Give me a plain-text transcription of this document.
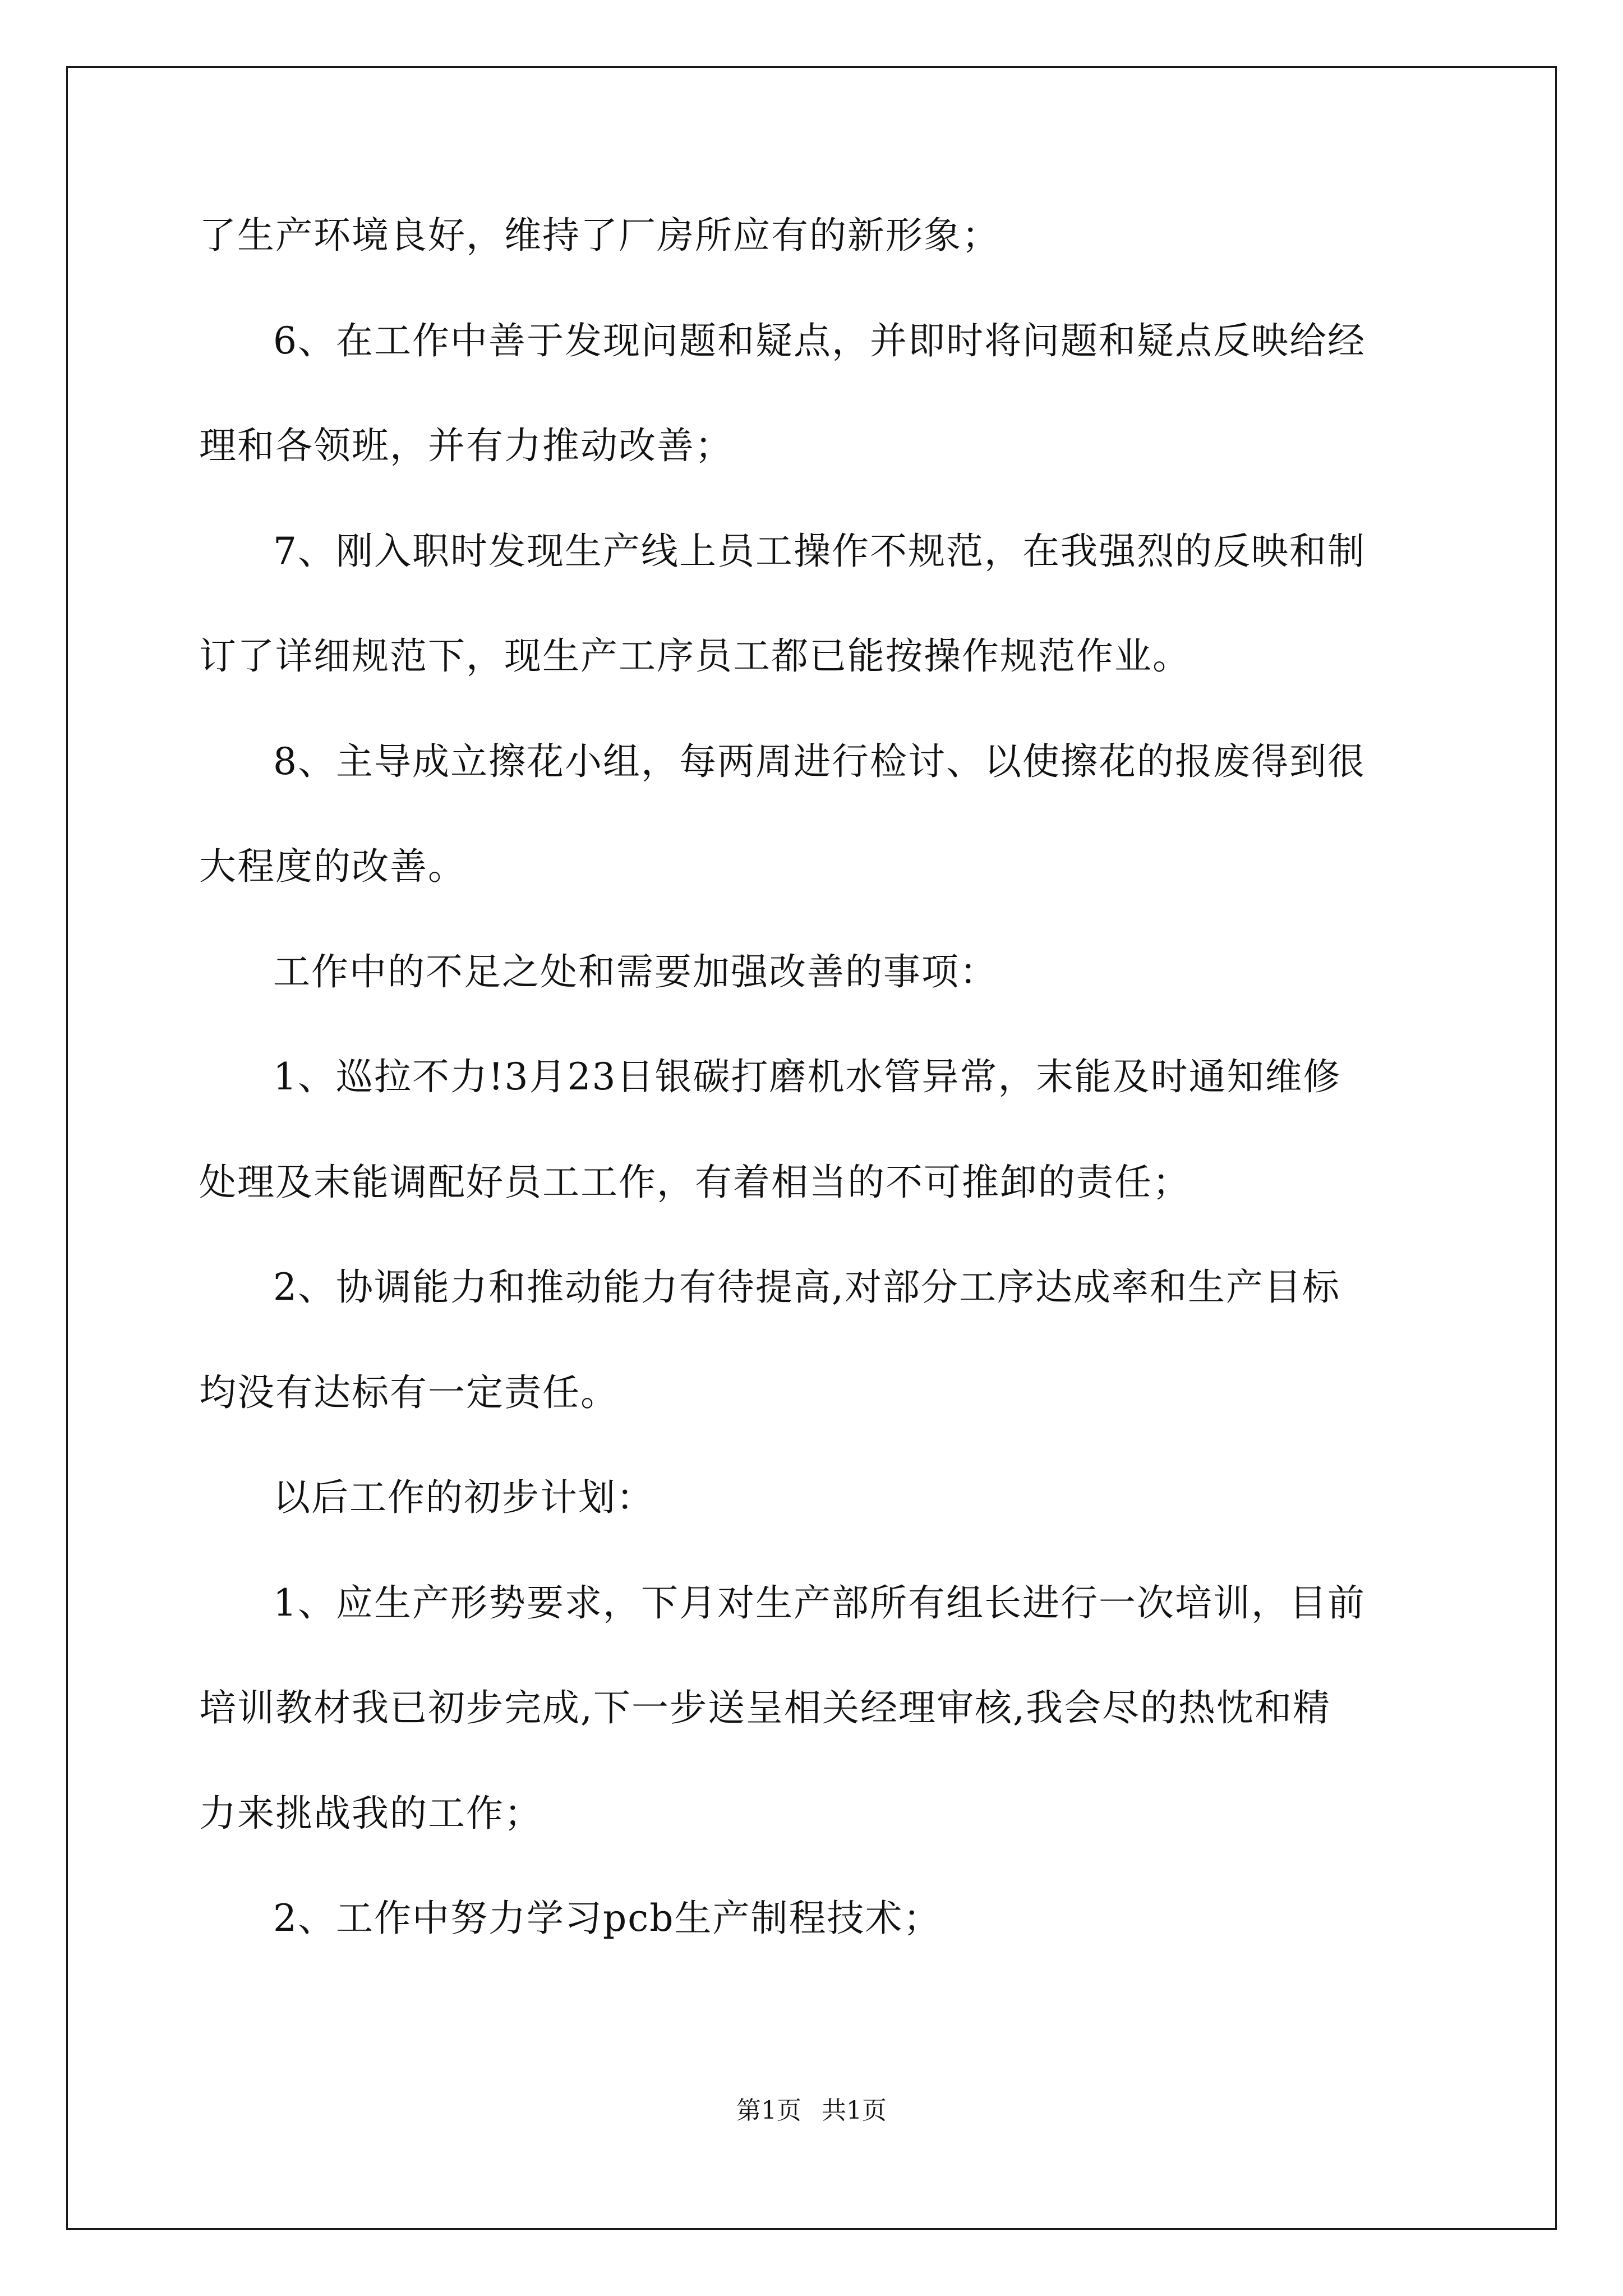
了生产环境良好，维持了厂房所应有的新形象；
6、在工作中善于发现问题和疑点，并即时将问题和疑点反映给经
理和各领班，并有力推动改善；
7、刚入职时发现生产线上员工操作不规范，在我强烈的反映和制
订了详细规范下，现生产工序员工都已能按操作规范作业。
8、主导成立擦花小组，每两周进行检讨、以使擦花的报废得到很
大程度的改善。
工作中的不足之处和需要加强改善的事项：
1、巡拉不力!3月23日银碳打磨机水管异常，末能及时通知维修
处理及末能调配好员工工作，有着相当的不可推卸的责任；
2、协调能力和推动能力有待提高,对部分工序达成率和生产目标
均没有达标有一定责任。
以后工作的初步计划：
1、应生产形势要求，下月对生产部所有组长进行一次培训，目前
培训教材我已初步完成,下一步送呈相关经理审核,我会尽的热忱和精
力来挑战我的工作；
2、工作中努力学习pcb生产制程技术；
第1页 共1页
